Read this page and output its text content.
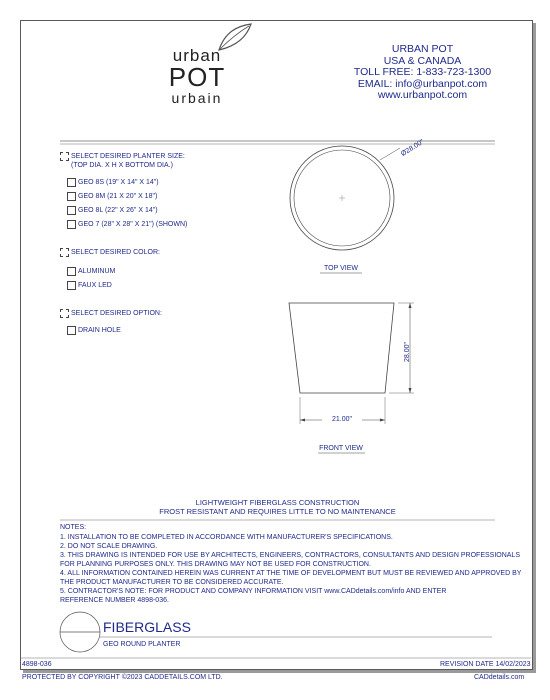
urban
POT
urbain
URBAN POT
USA & CANADA
TOLL FREE: 1-833-723-1300
EMAIL: info@urbanpot.com
www.urbanpot.com
SELECT DESIRED PLANTER SIZE:
(TOP DIA. X H X BOTTOM DIA.)
GEO 8S (19" X 14" X 14")
GEO 8M (21 X 20" X 18")
GEO 8L (22" X 26" X 14")
GEO 7 (28" X 28" X 21") (SHOWN)
SELECT DESIRED COLOR:
ALUMINUM
FAUX LED
SELECT DESIRED OPTION:
DRAIN HOLE
Ø28.00"
TOP VIEW
28.00"
21.00"
FRONT VIEW
LIGHTWEIGHT FIBERGLASS CONSTRUCTION
FROST RESISTANT AND REQUIRES LITTLE TO NO MAINTENANCE
NOTES:
1. INSTALLATION TO BE COMPLETED IN ACCORDANCE WITH MANUFACTURER'S SPECIFICATIONS.
2. DO NOT SCALE DRAWING.
3. THIS DRAWING IS INTENDED FOR USE BY ARCHITECTS, ENGINEERS, CONTRACTORS, CONSULTANTS AND DESIGN PROFESSIONALS
FOR PLANNING PURPOSES ONLY. THIS DRAWING MAY NOT BE USED FOR CONSTRUCTION.
4. ALL INFORMATION CONTAINED HEREIN WAS CURRENT AT THE TIME OF DEVELOPMENT BUT MUST BE REVIEWED AND APPROVED BY
THE PRODUCT MANUFACTURER TO BE CONSIDERED ACCURATE.
5. CONTRACTOR'S NOTE: FOR PRODUCT AND COMPANY INFORMATION VISIT www.CADdetails.com/info AND ENTER
REFERENCE NUMBER 4898-036.
FIBERGLASS
GEO ROUND PLANTER
4898-036	REVISION DATE 14/02/2023
PROTECTED BY COPYRIGHT ©2023 CADDETAILS.COM LTD.	CADdetails.com
